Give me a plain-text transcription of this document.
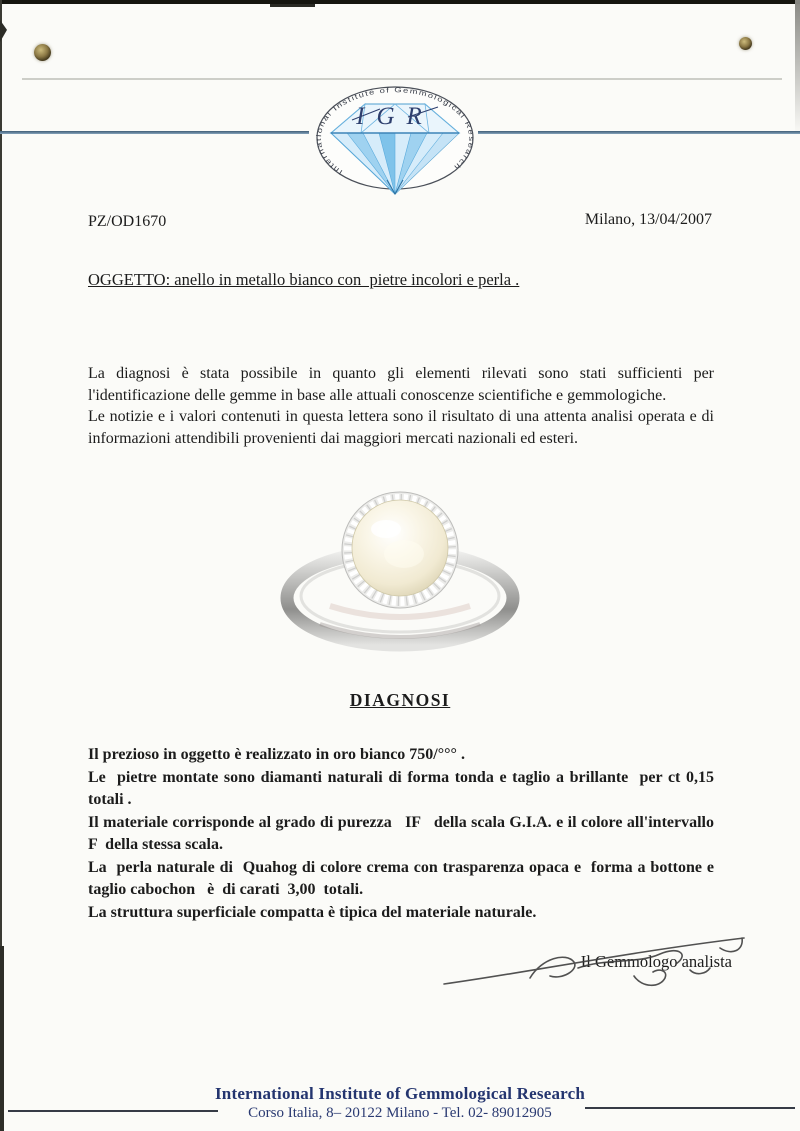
International Institute of Gemmological Research
IGR
PZ/OD1670	Milano, 13/04/2007
OGGETTO: anello in metallo bianco con  pietre incolori e perla .

La diagnosi è stata possibile in quanto gli elementi rilevati sono stati sufficienti per l'identificazione delle gemme in base alle attuali conoscenze scientifiche e gemmologiche.

Le notizie e i valori contenuti in questa lettera sono il risultato di una attenta analisi operata e di informazioni attendibili provenienti dai maggiori mercati nazionali ed esteri.

DIAGNOSI

Il prezioso in oggetto è realizzato in oro bianco 750/°°° .

Le  pietre montate sono diamanti naturali di forma tonda e taglio a brillante  per ct 0,15 totali .

Il materiale corrisponde al grado di purezza   IF   della scala G.I.A. e il colore all'intervallo  F  della stessa scala.

La  perla naturale di  Quahog di colore crema con trasparenza opaca e  forma a bottone e taglio cabochon   è  di carati  3,00  totali.

La struttura superficiale compatta è tipica del materiale naturale.

Il Gemmologo analista
International Institute of Gemmological Research
Corso Italia, 8– 20122 Milano - Tel. 02- 89012905
